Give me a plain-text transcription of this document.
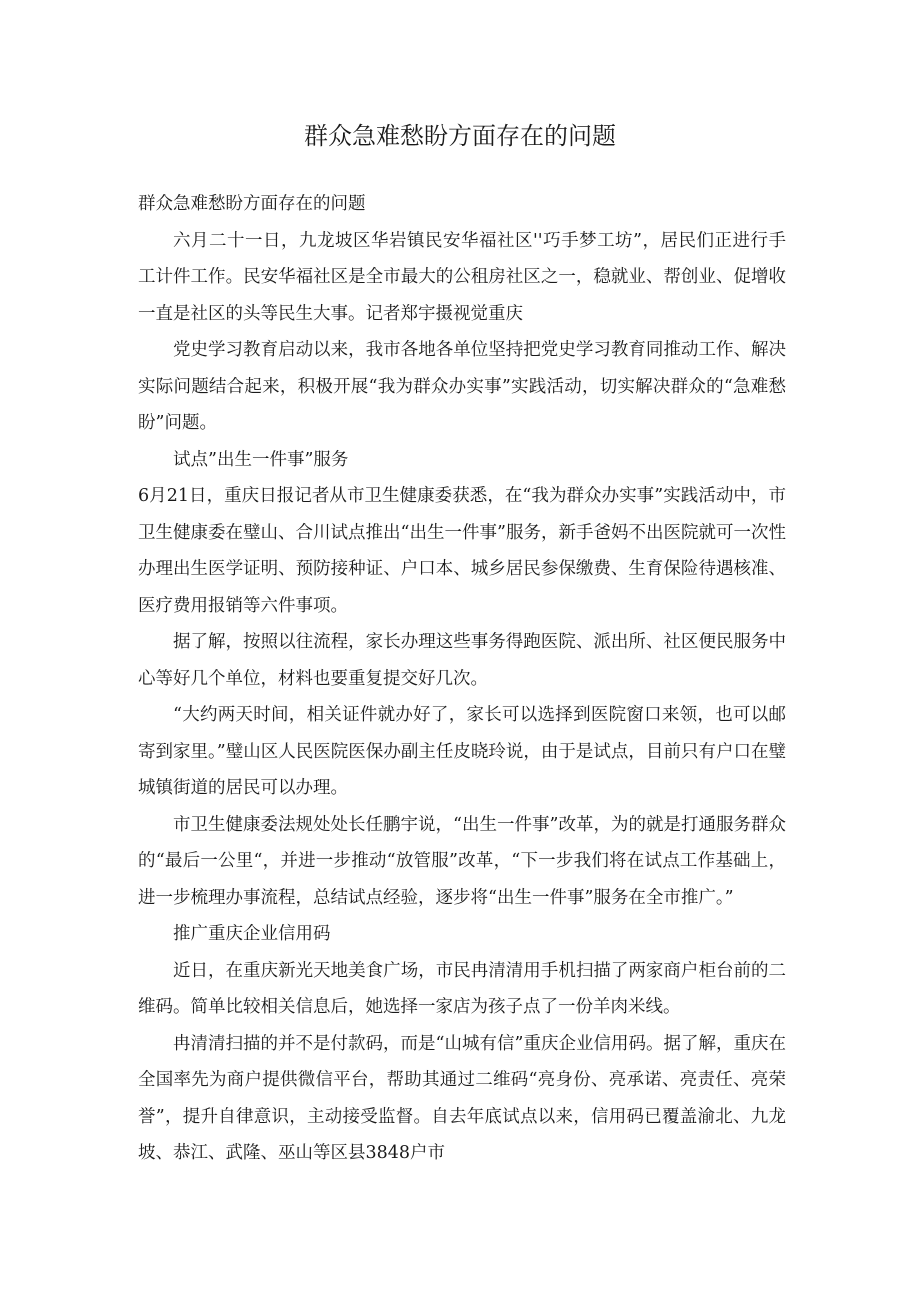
群众急难愁盼方面存在的问题

群众急难愁盼方面存在的问题

六月二十一日，九龙坡区华岩镇民安华福社区''巧手梦工坊”，居民们正进行手工计件工作。民安华福社区是全市最大的公租房社区之一，稳就业、帮创业、促增收一直是社区的头等民生大事。记者郑宇摄视觉重庆

党史学习教育启动以来，我市各地各单位坚持把党史学习教育同推动工作、解决实际问题结合起来，积极开展“我为群众办实事”实践活动，切实解决群众的“急难愁盼”问题。

试点”出生一件事”服务

6月21日，重庆日报记者从市卫生健康委获悉，在“我为群众办实事”实践活动中，市卫生健康委在璧山、合川试点推出“出生一件事”服务，新手爸妈不出医院就可一次性办理出生医学证明、预防接种证、户口本、城乡居民参保缴费、生育保险待遇核准、医疗费用报销等六件事项。

据了解，按照以往流程，家长办理这些事务得跑医院、派出所、社区便民服务中心等好几个单位，材料也要重复提交好几次。

“大约两天时间，相关证件就办好了，家长可以选择到医院窗口来领，也可以邮寄到家里。”璧山区人民医院医保办副主任皮晓玲说，由于是试点，目前只有户口在璧城镇街道的居民可以办理。

市卫生健康委法规处处长任鹏宇说，“出生一件事”改革，为的就是打通服务群众的“最后一公里“，并进一步推动“放管服”改革，“下一步我们将在试点工作基础上，进一步梳理办事流程，总结试点经验，逐步将“出生一件事”服务在全市推广。”

推广重庆企业信用码

近日，在重庆新光天地美食广场，市民冉清清用手机扫描了两家商户柜台前的二维码。简单比较相关信息后，她选择一家店为孩子点了一份羊肉米线。

冉清清扫描的并不是付款码，而是“山城有信”重庆企业信用码。据了解，重庆在全国率先为商户提供微信平台，帮助其通过二维码“亮身份、亮承诺、亮责任、亮荣誉”，提升自律意识，主动接受监督。自去年底试点以来，信用码已覆盖渝北、九龙坡、恭江、武隆、巫山等区县3848户市
